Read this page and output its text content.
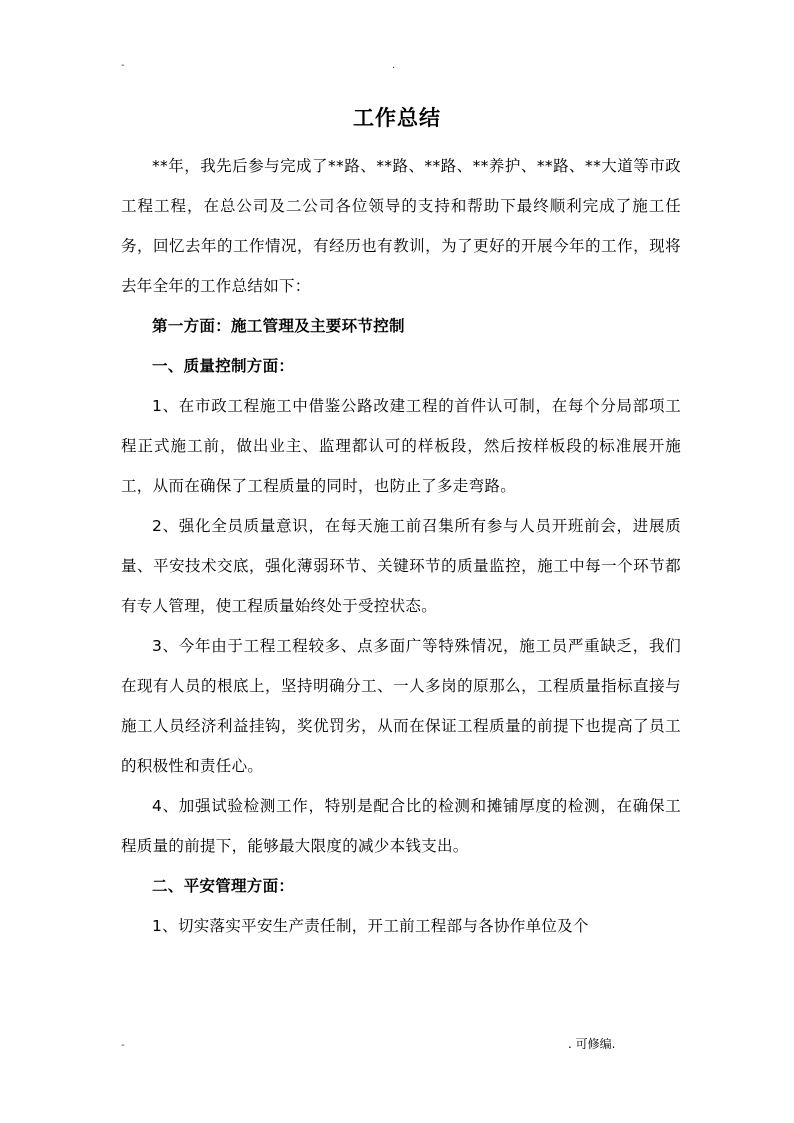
-	.
工作总结

**年，我先后参与完成了**路、**路、**路、**养护、**路、**大道等市政工程工程，在总公司及二公司各位领导的支持和帮助下最终顺利完成了施工任务，回忆去年的工作情况，有经历也有教训，为了更好的开展今年的工作，现将去年全年的工作总结如下：

第一方面：施工管理及主要环节控制

一、质量控制方面：

1、在市政工程施工中借鉴公路改建工程的首件认可制，在每个分局部项工程正式施工前，做出业主、监理都认可的样板段，然后按样板段的标准展开施工，从而在确保了工程质量的同时，也防止了多走弯路。

2、强化全员质量意识，在每天施工前召集所有参与人员开班前会，进展质量、平安技术交底，强化薄弱环节、关键环节的质量监控，施工中每一个环节都有专人管理，使工程质量始终处于受控状态。

3、今年由于工程工程较多、点多面广等特殊情况，施工员严重缺乏，我们在现有人员的根底上，坚持明确分工、一人多岗的原那么，工程质量指标直接与施工人员经济利益挂钩，奖优罚劣，从而在保证工程质量的前提下也提高了员工的积极性和责任心。

4、加强试验检测工作，特别是配合比的检测和摊铺厚度的检测，在确保工程质量的前提下，能够最大限度的减少本钱支出。

二、平安管理方面：

1、切实落实平安生产责任制，开工前工程部与各协作单位及个

-	. 可修编.
